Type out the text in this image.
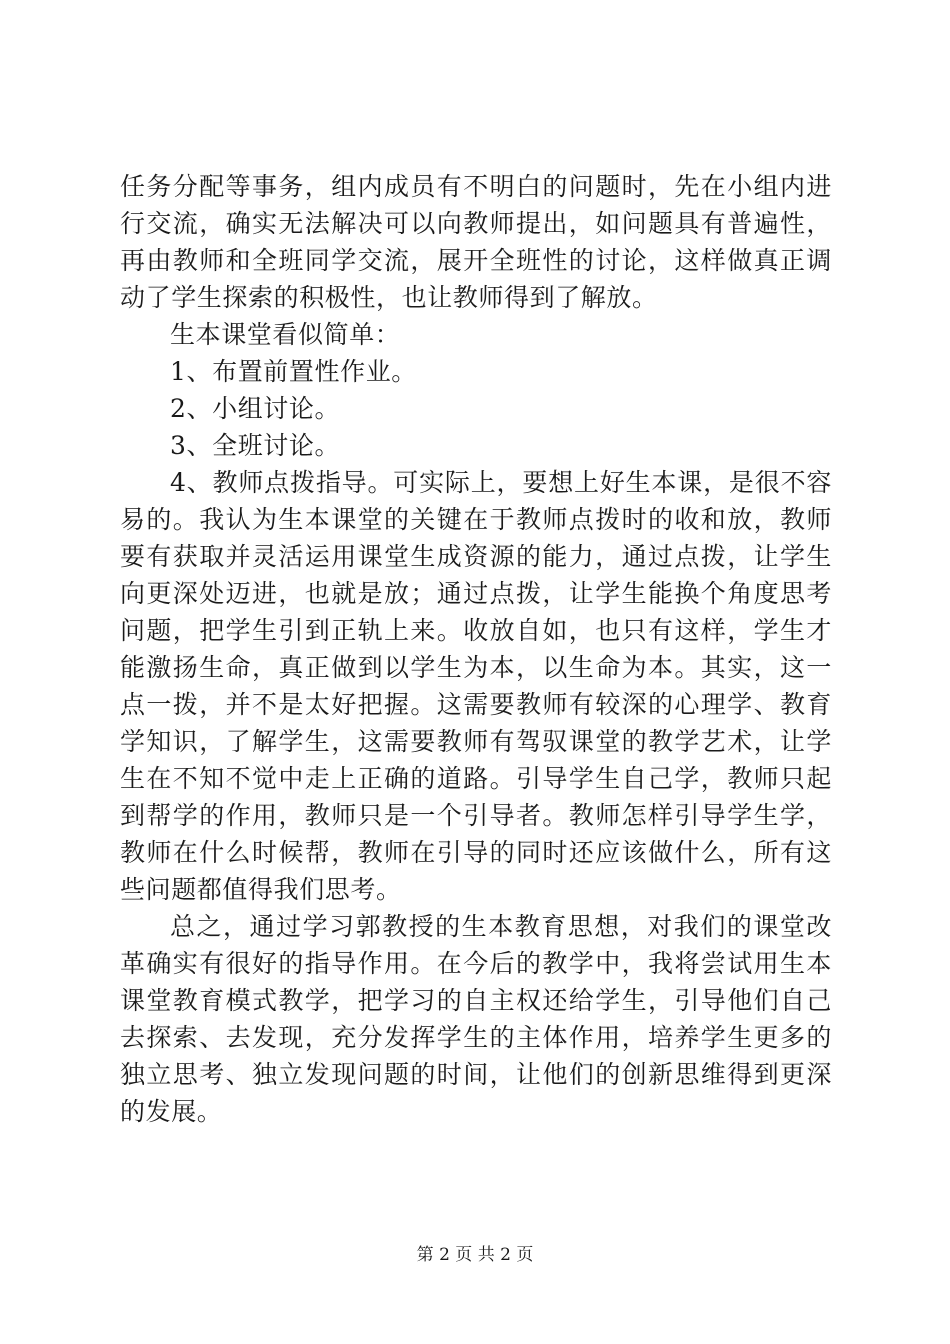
任务分配等事务，组内成员有不明白的问题时，先在小组内进行交流，确实无法解决可以向教师提出，如问题具有普遍性，再由教师和全班同学交流，展开全班性的讨论，这样做真正调动了学生探索的积极性，也让教师得到了解放。

生本课堂看似简单：

1、布置前置性作业。

2、小组讨论。

3、全班讨论。

4、教师点拨指导。可实际上，要想上好生本课，是很不容易的。我认为生本课堂的关键在于教师点拨时的收和放，教师要有获取并灵活运用课堂生成资源的能力，通过点拨，让学生向更深处迈进，也就是放；通过点拨，让学生能换个角度思考问题，把学生引到正轨上来。收放自如，也只有这样，学生才能激扬生命，真正做到以学生为本，以生命为本。其实，这一点一拨，并不是太好把握。这需要教师有较深的心理学、教育学知识，了解学生，这需要教师有驾驭课堂的教学艺术，让学生在不知不觉中走上正确的道路。引导学生自己学，教师只起到帮学的作用，教师只是一个引导者。教师怎样引导学生学，教师在什么时候帮，教师在引导的同时还应该做什么，所有这些问题都值得我们思考。

总之，通过学习郭教授的生本教育思想，对我们的课堂改革确实有很好的指导作用。在今后的教学中，我将尝试用生本课堂教育模式教学，把学习的自主权还给学生，引导他们自己去探索、去发现，充分发挥学生的主体作用，培养学生更多的独立思考、独立发现问题的时间，让他们的创新思维得到更深的发展。

第 2 页 共 2 页
